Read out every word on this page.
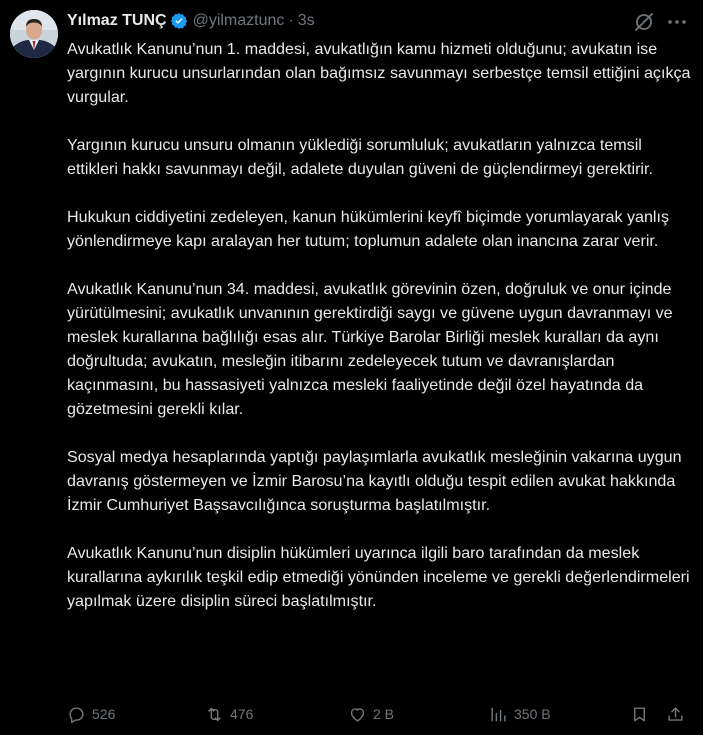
Yılmaz TUNÇ @yilmaztunc · 3s

Avukatlık Kanunu’nun 1. maddesi, avukatlığın kamu hizmeti olduğunu; avukatın ise yargının kurucu unsurlarından olan bağımsız savunmayı serbestçe temsil ettiğini açıkça vurgular.

Yargının kurucu unsuru olmanın yüklediği sorumluluk; avukatların yalnızca temsil ettikleri hakkı savunmayı değil, adalete duyulan güveni de güçlendirmeyi gerektirir.

Hukukun ciddiyetini zedeleyen, kanun hükümlerini keyfî biçimde yorumlayarak yanlış yönlendirmeye kapı aralayan her tutum; toplumun adalete olan inancına zarar verir.

Avukatlık Kanunu’nun 34. maddesi, avukatlık görevinin özen, doğruluk ve onur içinde yürütülmesini; avukatlık unvanının gerektirdiği saygı ve güvene uygun davranmayı ve meslek kurallarına bağlılığı esas alır. Türkiye Barolar Birliği meslek kuralları da aynı doğrultuda; avukatın, mesleğin itibarını zedeleyecek tutum ve davranışlardan kaçınmasını, bu hassasiyeti yalnızca mesleki faaliyetinde değil özel hayatında da gözetmesini gerekli kılar.

Sosyal medya hesaplarında yaptığı paylaşımlarla avukatlık mesleğinin vakarına uygun davranış göstermeyen ve İzmir Barosu’na kayıtlı olduğu tespit edilen avukat hakkında İzmir Cumhuriyet Başsavcılığınca soruşturma başlatılmıştır.

Avukatlık Kanunu’nun disiplin hükümleri uyarınca ilgili baro tarafından da meslek kurallarına aykırılık teşkil edip etmediği yönünden inceleme ve gerekli değerlendirmeleri yapılmak üzere disiplin süreci başlatılmıştır.

526	476	2 B	350 B
